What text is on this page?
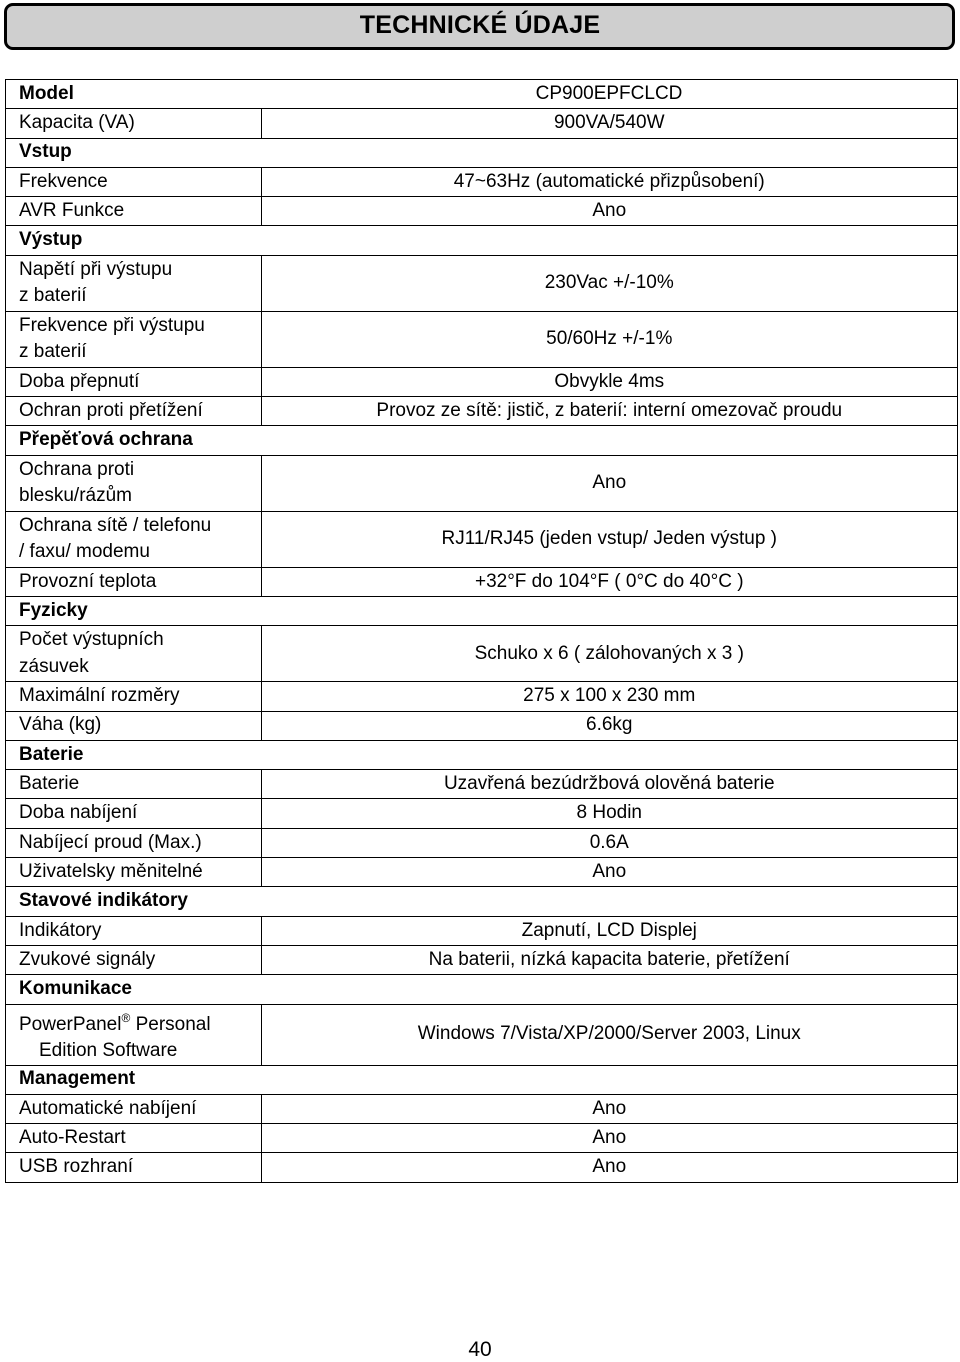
TECHNICKÉ ÚDAJE
Model	CP900EPFCLCD
Kapacita (VA)	900VA/540W
Vstup	
Frekvence	47~63Hz (automatické přizpůsobení)
AVR Funkce	Ano
Výstup	

Napětí při výstupu
z baterií	230Vac +/-10%

Frekvence při výstupu
z baterií	50/60Hz +/-1%
Doba přepnutí	Obvykle 4ms
Ochran proti přetížení	Provoz ze sítě: jistič, z baterií: interní omezovač proudu
Přepěťová ochrana	

Ochrana proti
blesku/rázům	Ano

Ochrana sítě / telefonu
/ faxu/ modemu	RJ11/RJ45 (jeden vstup/ Jeden výstup )
Provozní teplota	+32°F do 104°F ( 0°C do 40°C )
Fyzicky	

Počet výstupních
zásuvek	Schuko x 6 ( zálohovaných x 3 )
Maximální rozměry	275 x 100 x 230 mm
Váha (kg)	6.6kg
Baterie	
Baterie	Uzavřená bezúdržbová olověná baterie
Doba nabíjení	8 Hodin
Nabíjecí proud (Max.)	0.6A
Uživatelsky měnitelné	Ano
Stavové indikátory	
Indikátory	Zapnutí, LCD Displej
Zvukové signály	Na baterii, nízká kapacita baterie, přetížení
Komunikace	

PowerPanel® Personal
Edition Software	Windows 7/Vista/XP/2000/Server 2003, Linux
Management	
Automatické nabíjení	Ano
Auto-Restart	Ano
USB rozhraní	Ano
40
